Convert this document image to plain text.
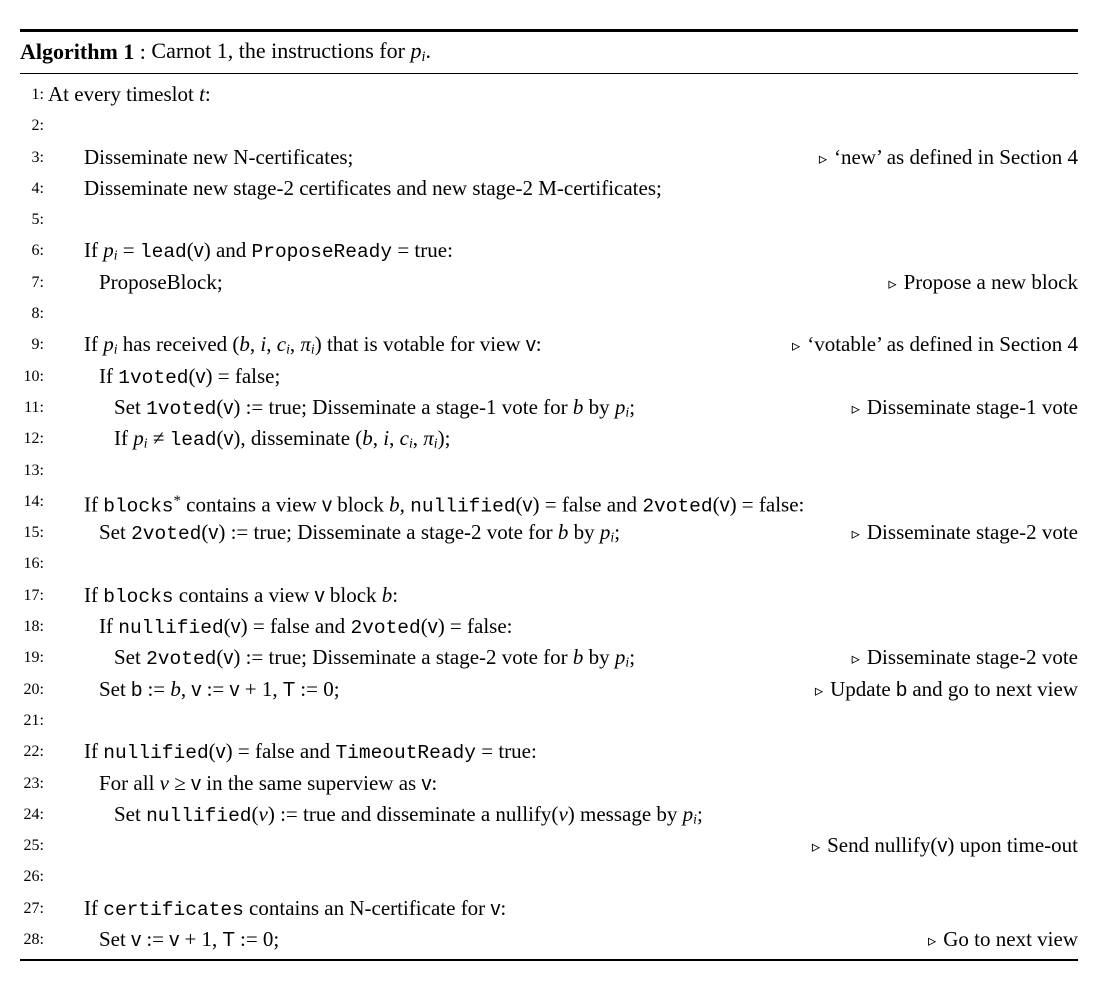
Algorithm 1 : Carnot 1, the instructions for pi.
1: At every timeslot t:
2:
3: Disseminate new N-certificates;	▹ ‘new’ as defined in Section 4
4: Disseminate new stage-2 certificates and new stage-2 M-certificates;
5:
6: If pi = lead(v) and ProposeReady = true:
7:	ProposeBlock;	▹ Propose a new block
8:
9: If pi has received (b, i, ci, πi) that is votable for view v:	▹ ‘votable’ as defined in Section 4
10:	If 1voted(v) = false;
11:	Set 1voted(v) := true; Disseminate a stage-1 vote for b by pi;	▹ Disseminate stage-1 vote
12:	If pi ≠ lead(v), disseminate (b, i, ci, πi);
13:
14: If blocks* contains a view v block b, nullified(v) = false and 2voted(v) = false:
15:	Set 2voted(v) := true; Disseminate a stage-2 vote for b by pi;	▹ Disseminate stage-2 vote
16:
17: If blocks contains a view v block b:
18:	If nullified(v) = false and 2voted(v) = false:
19:	Set 2voted(v) := true; Disseminate a stage-2 vote for b by pi;	▹ Disseminate stage-2 vote
20:	Set b := b, v := v + 1, T := 0;	▹ Update b and go to next view
21:
22: If nullified(v) = false and TimeoutReady = true:
23:	For all v ≥ v in the same superview as v:
24:	Set nullified(v) := true and disseminate a nullify(v) message by pi;
25:	▹ Send nullify(v) upon time-out
26:
27: If certificates contains an N-certificate for v:
28:	Set v := v + 1, T := 0;	▹ Go to next view
